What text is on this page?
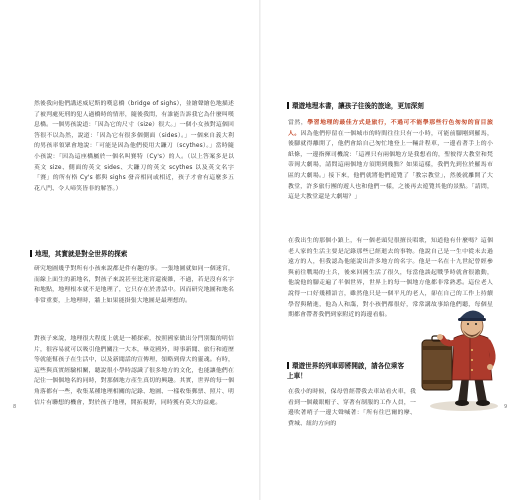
然後我向他們講述威尼斯的嘆息橋（bridge of sighs），並繪聲繪色地描述了被判處死刑的犯人過橋時的情形，隨後我問，有誰能告訴我它為什麼叫嘆息橋。一個男孩說道：「因為它的尺寸（size）很大。」一個小女孩對這個回答很不以為然，說道：「因為它有很多個側面（sides）。」一個來自義大利的男孩率領眾會地說：「可能是因為他們使用大鐮刀（scythes）。」當時隨小孩說：「因為這座橋屬於一個名叫賽特（Cy's）的人。（以上答案多是以英文 size、側面的英文 sides、大鐮刀的英文 scythes 以及英文名字「賽」的所有格 Cy's 都與 sighs 發音相同或相近，孩子才會有這麼多五花八門、令人啼笑皆非的解答。）

地理，其實就是對全世界的探索

研究地圖幾乎對所有小孩來說都是件有趣的事。一張地圖就如同一個迷宮，而線上面生的新地名，對孩子來說甚至比迷宮還複雜，不過，若是沒有名字和地點，地理根本就不是地理了，它只存在於書話中。因而研究地圖和地名非常重要，上地理時，牆上如果能掛張大地圖是最理想的。

對孩子來說，地理很大程度上就是一種探索，按照國家做出分門別類的明信片，很容易就可以吸引他們關注一大本，畢竟國外，時事新聞、旅行和遊歷等就能幫孩子在生活中，以及新聞話的宣傳理，領略到偉大的靈魂。有時，這些與真實經驗相關，聽說很小學時認識了很多地方的文化，也能讓他們在記住一個個地名的同時，對那個地方產生真切的興趣。其實，世界的每一個角落都有一些，收集某種地理相關的記錄、地圖、一樣收集郵票、照片、明信片有聯想的機會，對於孩子地理，開拓視野，同時獲有莫大的益處。

8
環遊地理本書，讓孩子往後的旅途，更加深刻

當然，學習地理的最佳方式是旅行，不過可不能學那些行色匆匆的盲目旅人。因為他們停留在一個城市的時間往往只有一小時，可能前腳剛到羅馬，後腳就得離開了，他們會給自己匆忙地登上一輛計程車，一邊看著手上的小紙條，一邊指揮司機說：「這裡只有兩個地方是我想看的，聖彼得大教堂和梵蒂岡大劇場，請問這兩個地方須開到幾點？如果這樣，我們先到位於羅馬市區的大劇場。」接下來，他們就將他們遊覽了「教宗教堂」，然後就離開了大教堂，許多旅行團的遊人也和他們一樣，之後再去遊覽其他的景點。「請問，這是大教堂還是大劇場？」

在我出生的那個小鎮上，有一個老頭兒很擅長唱歌，知道他有什麼嗎？這個老人家的生活主要是記錄那些已經逝去的事物。他說自己是一生中從未去過遠方的人，但我認為他能說出許多地方的名字。他是一名在十九世紀曾經參與前往戰場的士兵，後來回國生活了很久，每當他談起戰爭時就會很激動，他說他的腳走遍了半個世界，世界上的每一個地方他都非常熟悉。這位老人說得一口好幾種語言，雖然他只是一個平凡的老人，卻在自己的工作上持續學習與精進，他為人和藹，對小孩們都很好，常常講故事給他們聽，每個星期都會帶著我們到家附近的海邊看船。

環遊世界的列車即將開啟，請各位乘客上車！

在我小的時候，保母曾經帶我去車站看火車，我看到一個戴眼帽子、穿著有制服的工作人員，一邊吹著哨子一邊大聲喊著：「所有往巴爾的摩、費城、紐約方向的

9
